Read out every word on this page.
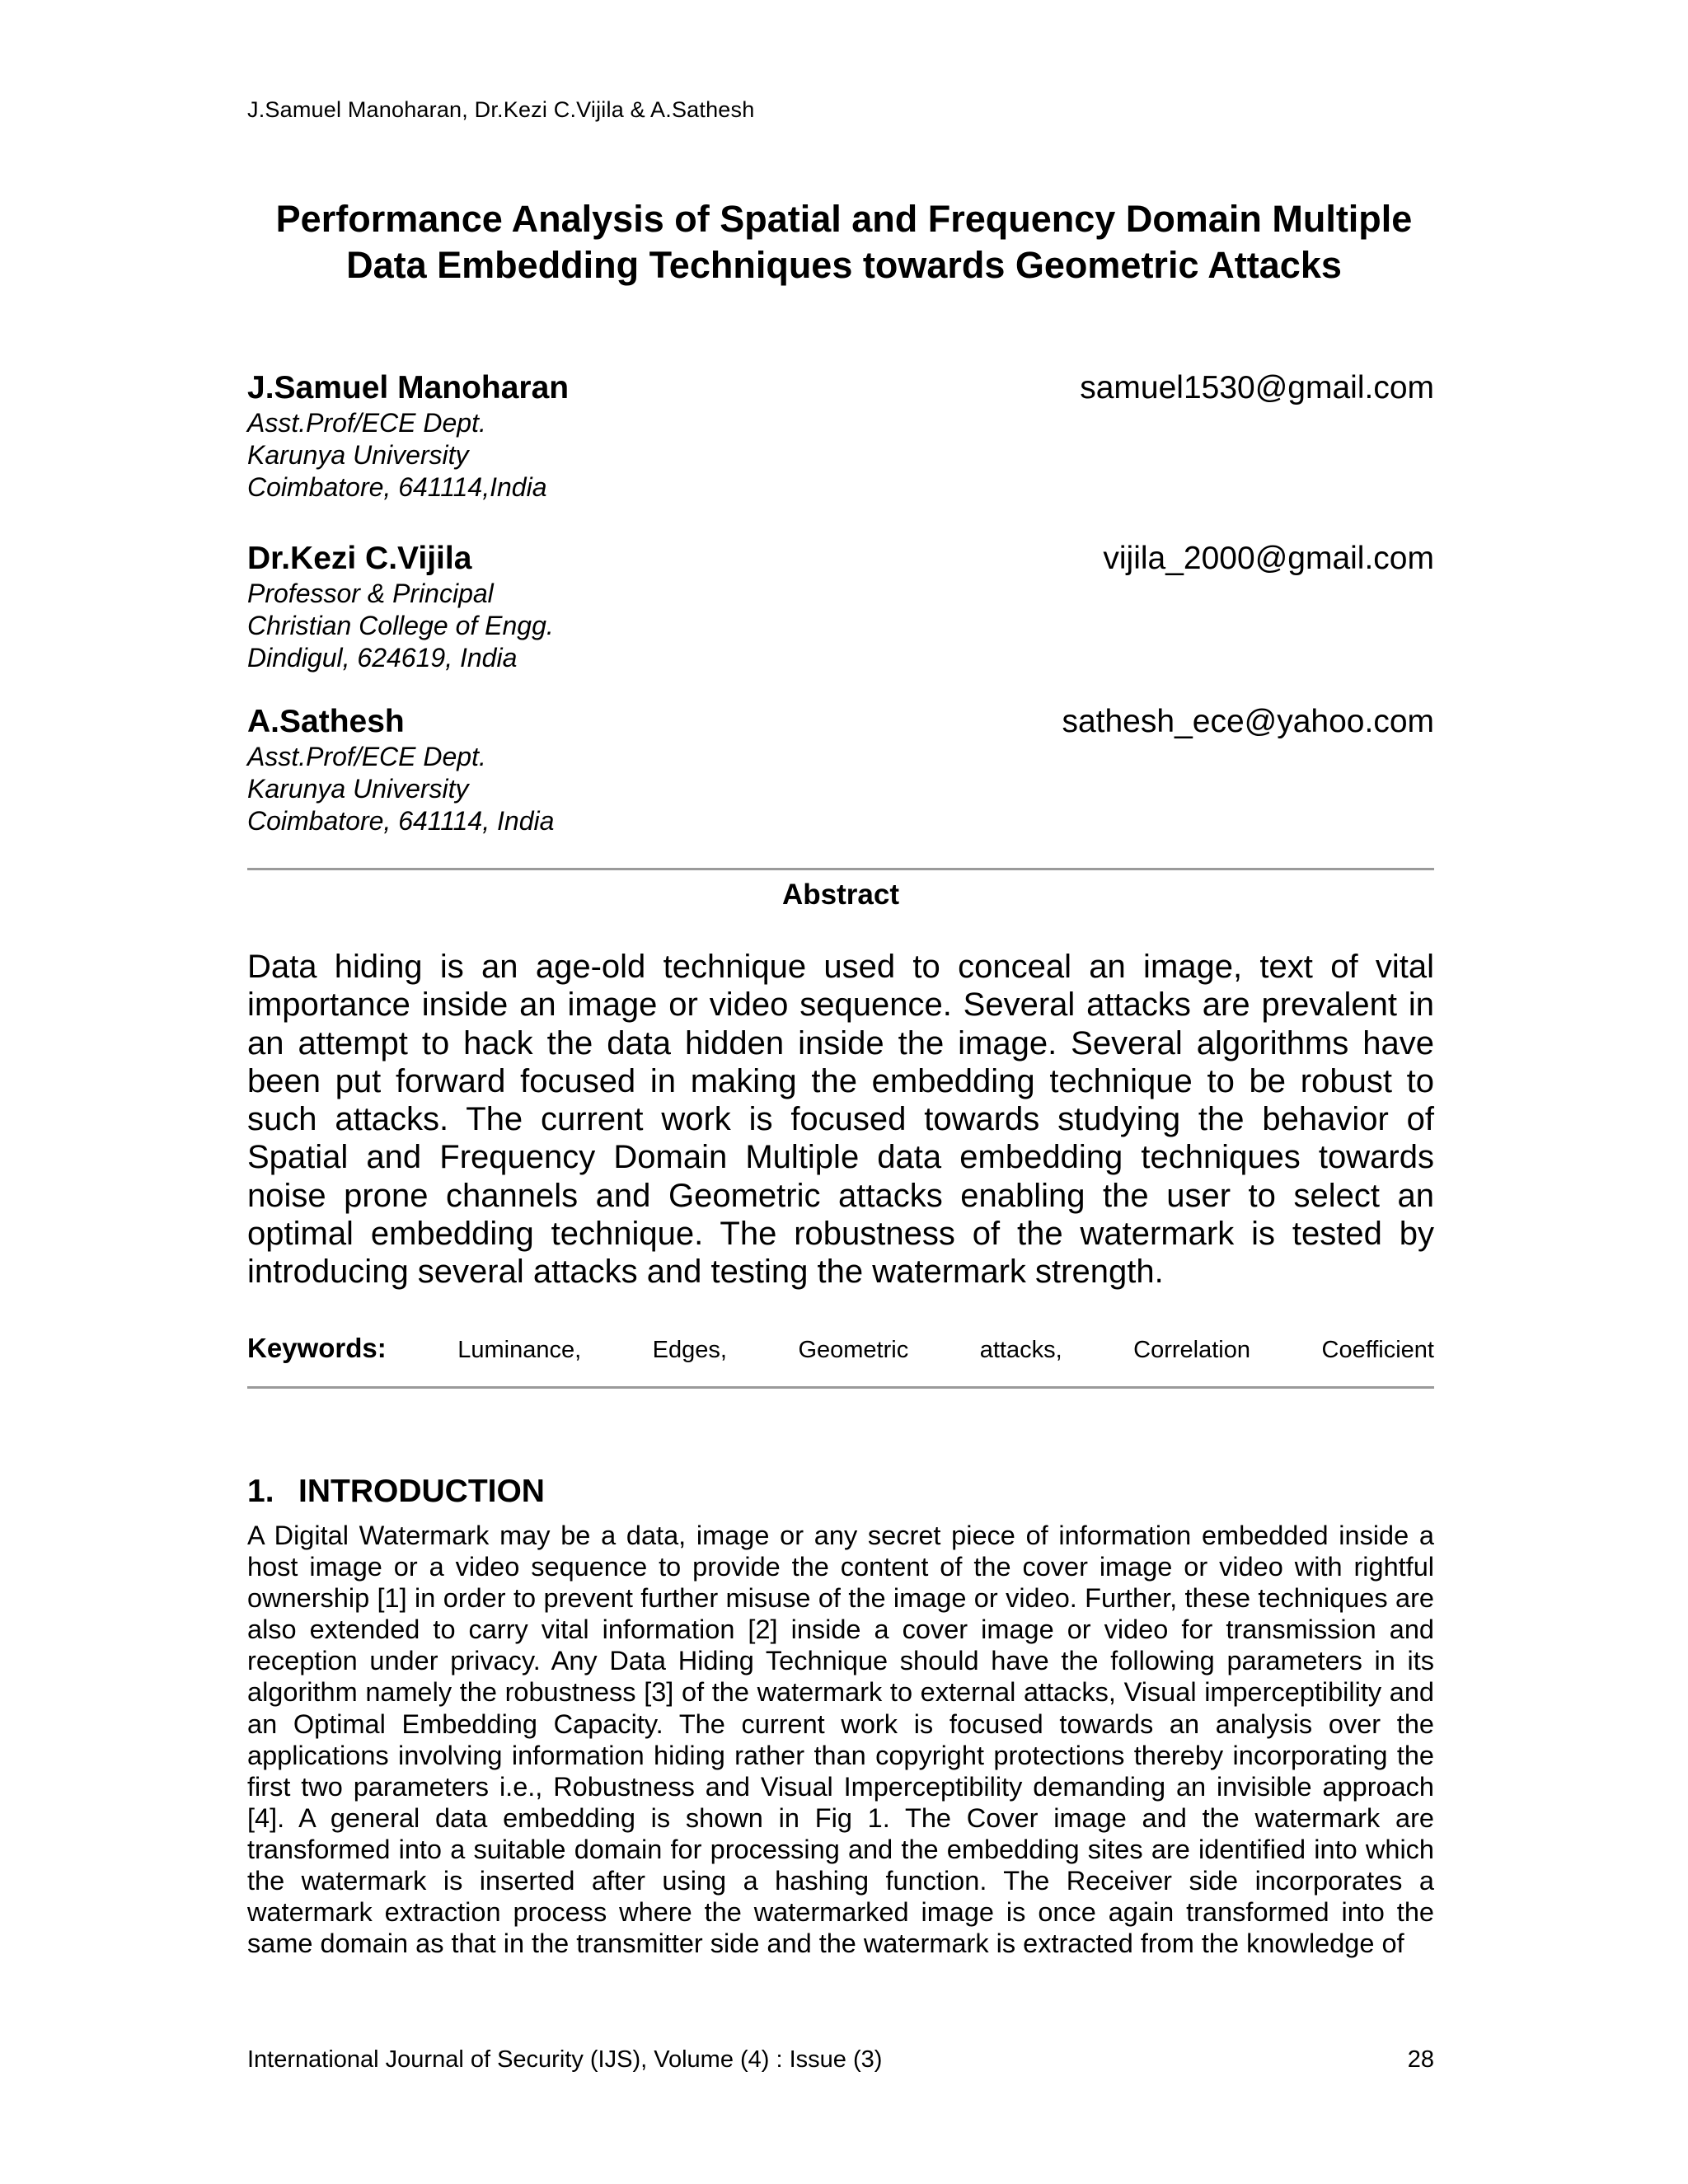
J.Samuel Manoharan, Dr.Kezi C.Vijila & A.Sathesh
Performance Analysis of Spatial and Frequency Domain Multiple
Data Embedding Techniques towards Geometric Attacks
J.Samuel Manoharan	samuel1530@gmail.com
Asst.Prof/ECE Dept.
Karunya University
Coimbatore, 641114,India
Dr.Kezi C.Vijila	vijila_2000@gmail.com
Professor & Principal
Christian College of Engg.
Dindigul, 624619, India
A.Sathesh	sathesh_ece@yahoo.com
Asst.Prof/ECE Dept.
Karunya University
Coimbatore, 641114, India
Abstract
Data hiding is an age-old technique used to conceal an image, text of vital importance inside an image or video sequence. Several attacks are prevalent in an attempt to hack the data hidden inside the image. Several algorithms have been put forward focused in making the embedding technique to be robust to such attacks. The current work is focused towards studying the behavior of Spatial and Frequency Domain Multiple data embedding techniques towards noise prone channels and Geometric attacks enabling the user to select an optimal embedding technique. The robustness of the watermark is tested by introducing several attacks and testing the watermark strength.
Keywords:	Luminance,	Edges,	Geometric	attacks,	Correlation	Coefficient
1. INTRODUCTION
A Digital Watermark may be a data, image or any secret piece of information embedded inside a host image or a video sequence to provide the content of the cover image or video with rightful ownership [1] in order to prevent further misuse of the image or video. Further, these techniques are also extended to carry vital information [2] inside a cover image or video for transmission and reception under privacy. Any Data Hiding Technique should have the following parameters in its algorithm namely the robustness [3] of the watermark to external attacks, Visual imperceptibility and an Optimal Embedding Capacity. The current work is focused towards an analysis over the applications involving information hiding rather than copyright protections thereby incorporating the first two parameters i.e., Robustness and Visual Imperceptibility demanding an invisible approach [4]. A general data embedding is shown in Fig 1. The Cover image and the watermark are transformed into a suitable domain for processing and the embedding sites are identified into which the watermark is inserted after using a hashing function. The Receiver side incorporates a watermark extraction process where the watermarked image is once again transformed into the same domain as that in the transmitter side and the watermark is extracted from the knowledge of
International Journal of Security (IJS), Volume (4) : Issue (3)	28
